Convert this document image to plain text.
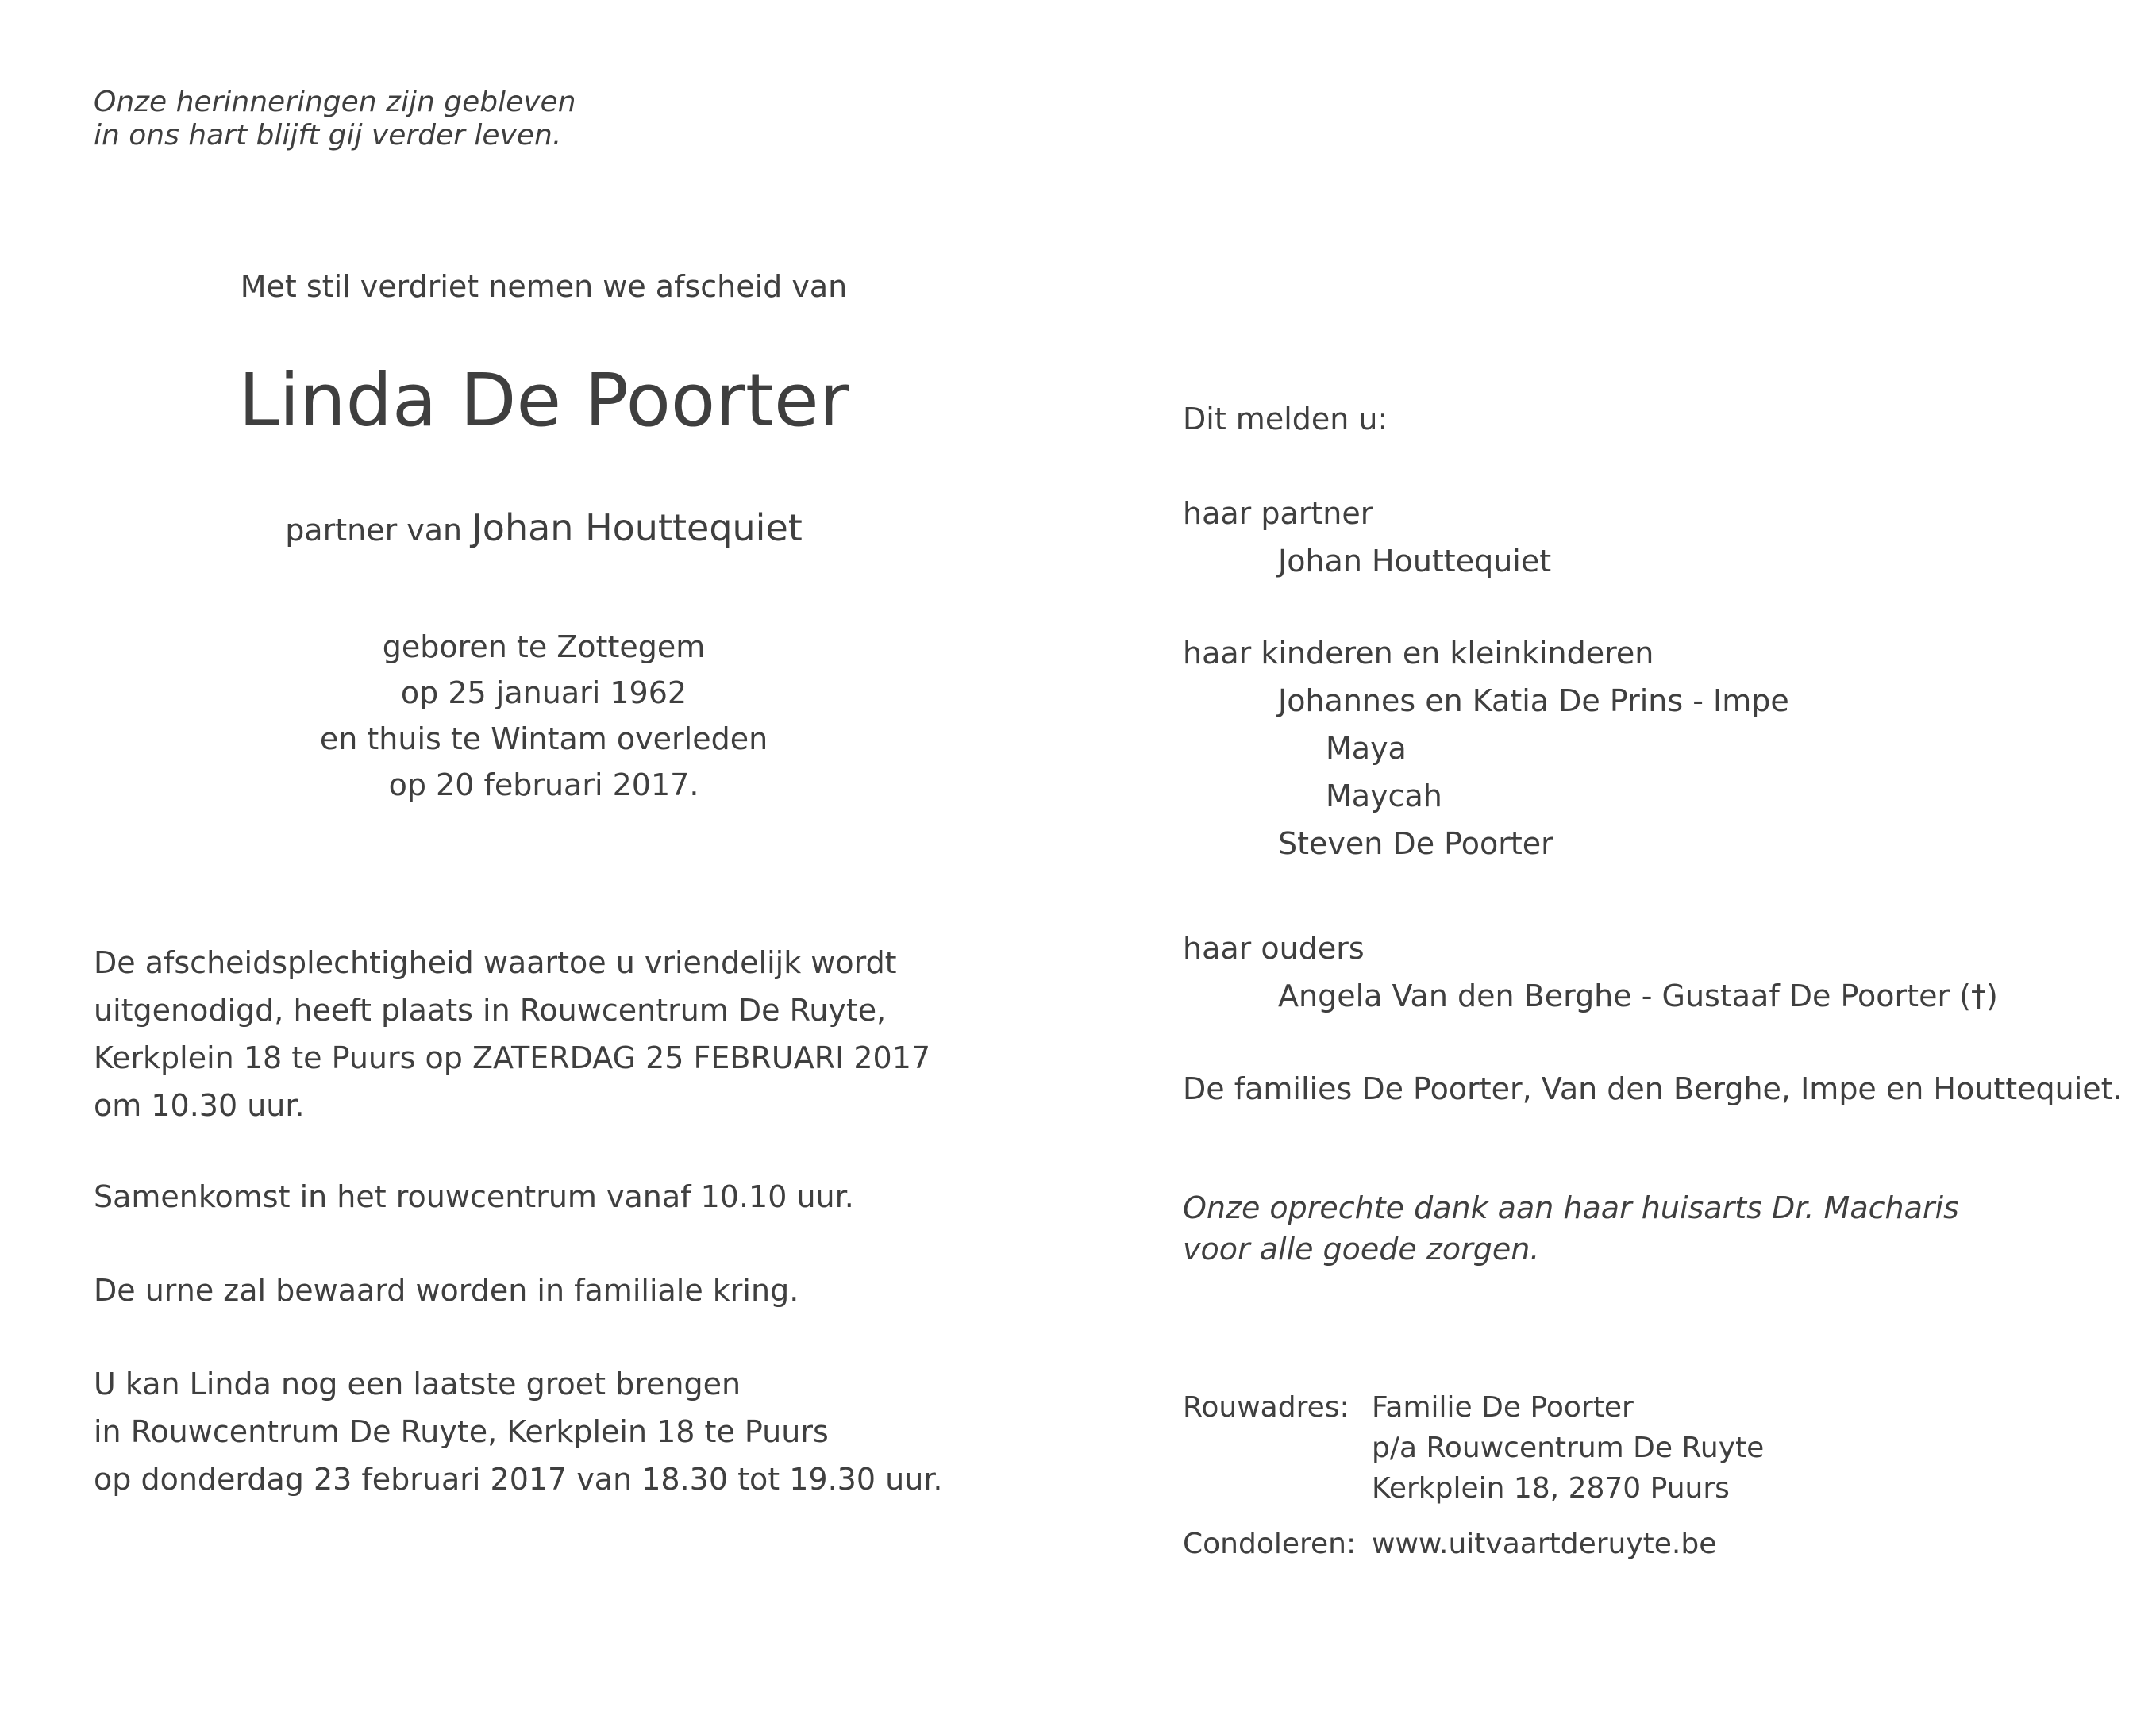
Onze herinneringen zijn gebleven
in ons hart blijft gij verder leven.
Met stil verdriet nemen we afscheid van
Linda De Poorter
partner van Johan Houttequiet
geboren te Zottegem
op 25 januari 1962
en thuis te Wintam overleden
op 20 februari 2017.
De afscheidsplechtigheid waartoe u vriendelijk wordt
uitgenodigd, heeft plaats in Rouwcentrum De Ruyte,
Kerkplein 18 te Puurs op ZATERDAG 25 FEBRUARI 2017
om 10.30 uur.
Samenkomst in het rouwcentrum vanaf 10.10 uur.
De urne zal bewaard worden in familiale kring.
U kan Linda nog een laatste groet brengen
in Rouwcentrum De Ruyte, Kerkplein 18 te Puurs
op donderdag 23 februari 2017 van 18.30 tot 19.30 uur.
Dit melden u:
haar partner
Johan Houttequiet
haar kinderen en kleinkinderen
Johannes en Katia De Prins - Impe
Maya
Maycah
Steven De Poorter
haar ouders
Angela Van den Berghe - Gustaaf De Poorter (†)
De families De Poorter, Van den Berghe, Impe en Houttequiet.
Onze oprechte dank aan haar huisarts Dr. Macharis
voor alle goede zorgen.
Rouwadres: Familie De Poorter
p/a Rouwcentrum De Ruyte
Kerkplein 18, 2870 Puurs
Condoleren: www.uitvaartderuyte.be
